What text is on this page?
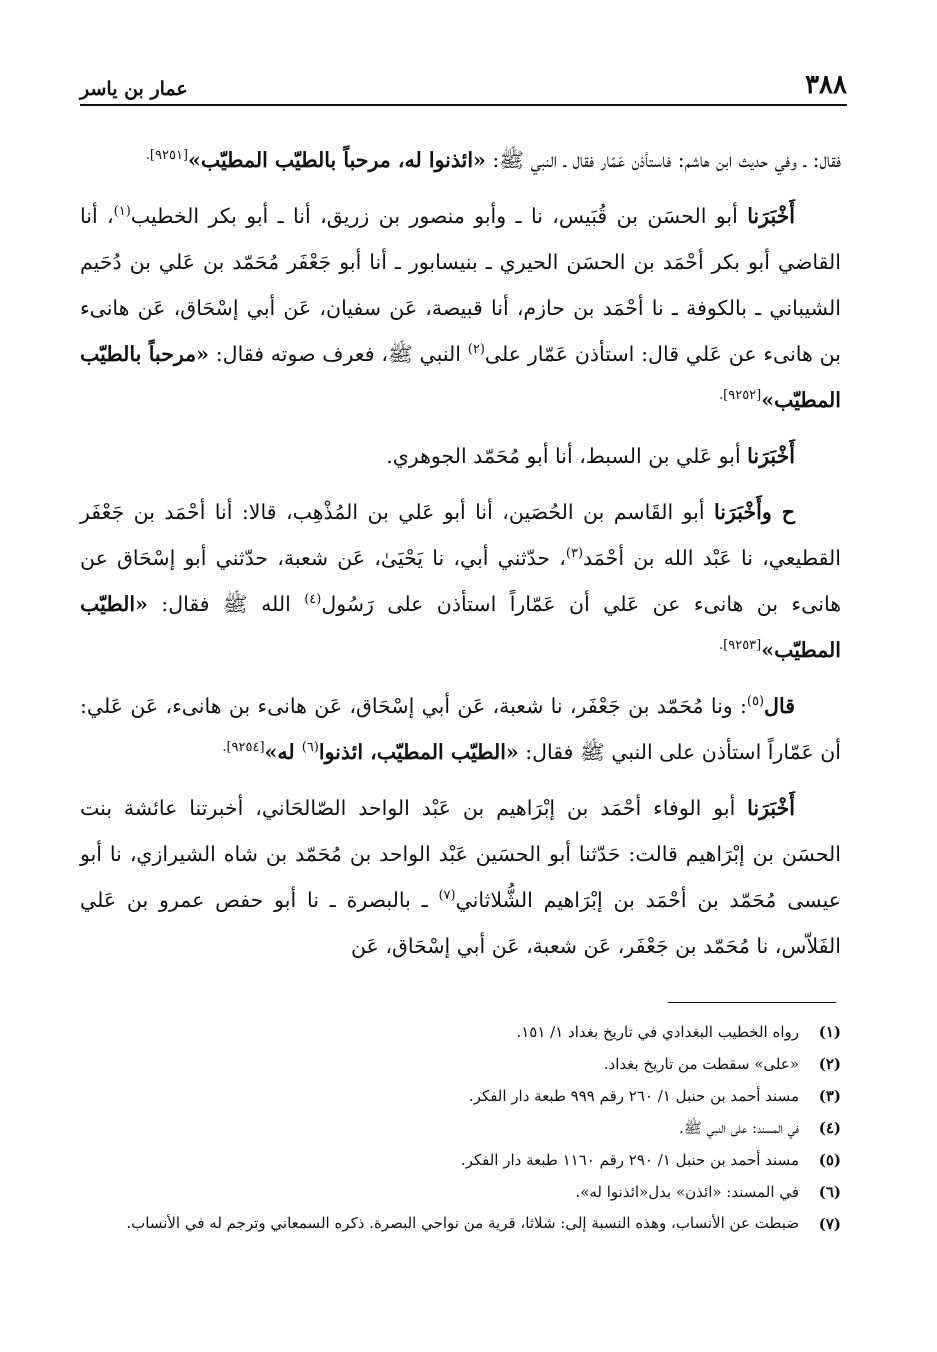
عمار بن ياسر	٣٨٨

فقال: ـ وفي حديث ابن هاشم: فاستأذن عَمّار فقال ـ النبي ﷺ: «ائذنوا له، مرحباً بالطيّب المطيّب»$^{[٩٢٥١].}$

أَخْبَرَنا أبو الحسَن بن قُبَيس، نا ـ وأبو منصور بن زريق، أنا ـ أبو بكر الخطيب$^{(١)}$، أنا القاضي أبو بكر أحْمَد بن الحسَن الحيري ـ بنيسابور ـ أنا أبو جَعْفَر مُحَمّد بن عَلي بن دُحَيم الشيباني ـ بالكوفة ـ نا أحْمَد بن حازم، أنا قبيصة، عَن سفيان، عَن أبي إسْحَاق، عَن هانىء بن هانىء عن عَلي قال: استأذن عَمّار على$^{(٢)}$ النبي ﷺ، فعرف صوته فقال: «مرحباً بالطيّب المطيّب»$^{[٩٢٥٢].}$

أَخْبَرَنا أبو عَلي بن السبط، أنا أبو مُحَمّد الجوهري.

ح وأَخْبَرَنا أبو القَاسم بن الحُصَين، أنا أبو عَلي بن المُذْهِب، قالا: أنا أحْمَد بن جَعْفَر القطيعي، نا عَبْد الله بن أحْمَد$^{(٣)}$، حدّثني أبي، نا يَحْيَىٰ، عَن شعبة، حدّثني أبو إسْحَاق عن هانىء بن هانىء عن عَلي أن عَمّاراً استأذن على رَسُول$^{(٤)}$ الله ﷺ فقال: «الطيّب المطيّب»$^{[٩٢٥٣].}$

قال$^{(٥)}$: ونا مُحَمّد بن جَعْفَر، نا شعبة، عَن أبي إسْحَاق، عَن هانىء بن هانىء، عَن عَلي: أن عَمّاراً استأذن على النبي ﷺ فقال: «الطيّب المطيّب، ائذنوا$^{(٦)}$ له»$^{[٩٢٥٤].}$

أَخْبَرَنا أبو الوفاء أحْمَد بن إبْرَاهيم بن عَبْد الواحد الصّالحَاني، أخبرتنا عائشة بنت الحسَن بن إبْرَاهيم قالت: حَدّثنا أبو الحسَين عَبْد الواحد بن مُحَمّد بن شاه الشيرازي، نا أبو عيسى مُحَمّد بن أحْمَد بن إبْرَاهيم الشُّلاثاني$^{(٧)}$ ـ بالبصرة ـ نا أبو حفص عمرو بن عَلي الفَلاّس، نا مُحَمّد بن جَعْفَر، عَن شعبة، عَن أبي إسْحَاق، عَن

(١)
رواه الخطيب البغدادي في تاريخ بغداد ١/ ١٥١.
(٢)
«على» سقطت من تاريخ بغداد.
(٣)
مسند أحمد بن حنبل ١/ ٢٦٠ رقم ٩٩٩ طبعة دار الفكر.
(٤)
في المسند: على النبي ﷺ.
(٥)
مسند أحمد بن حنبل ١/ ٢٩٠ رقم ١١٦٠ طبعة دار الفكر.
(٦)
في المسند: «ائذن» بدل«ائذنوا له».
(٧)
ضبطت عن الأنساب، وهذه النسبة إلى: شلاثا، قرية من نواحي البصرة. ذكره السمعاني وترجم له في الأنساب.
